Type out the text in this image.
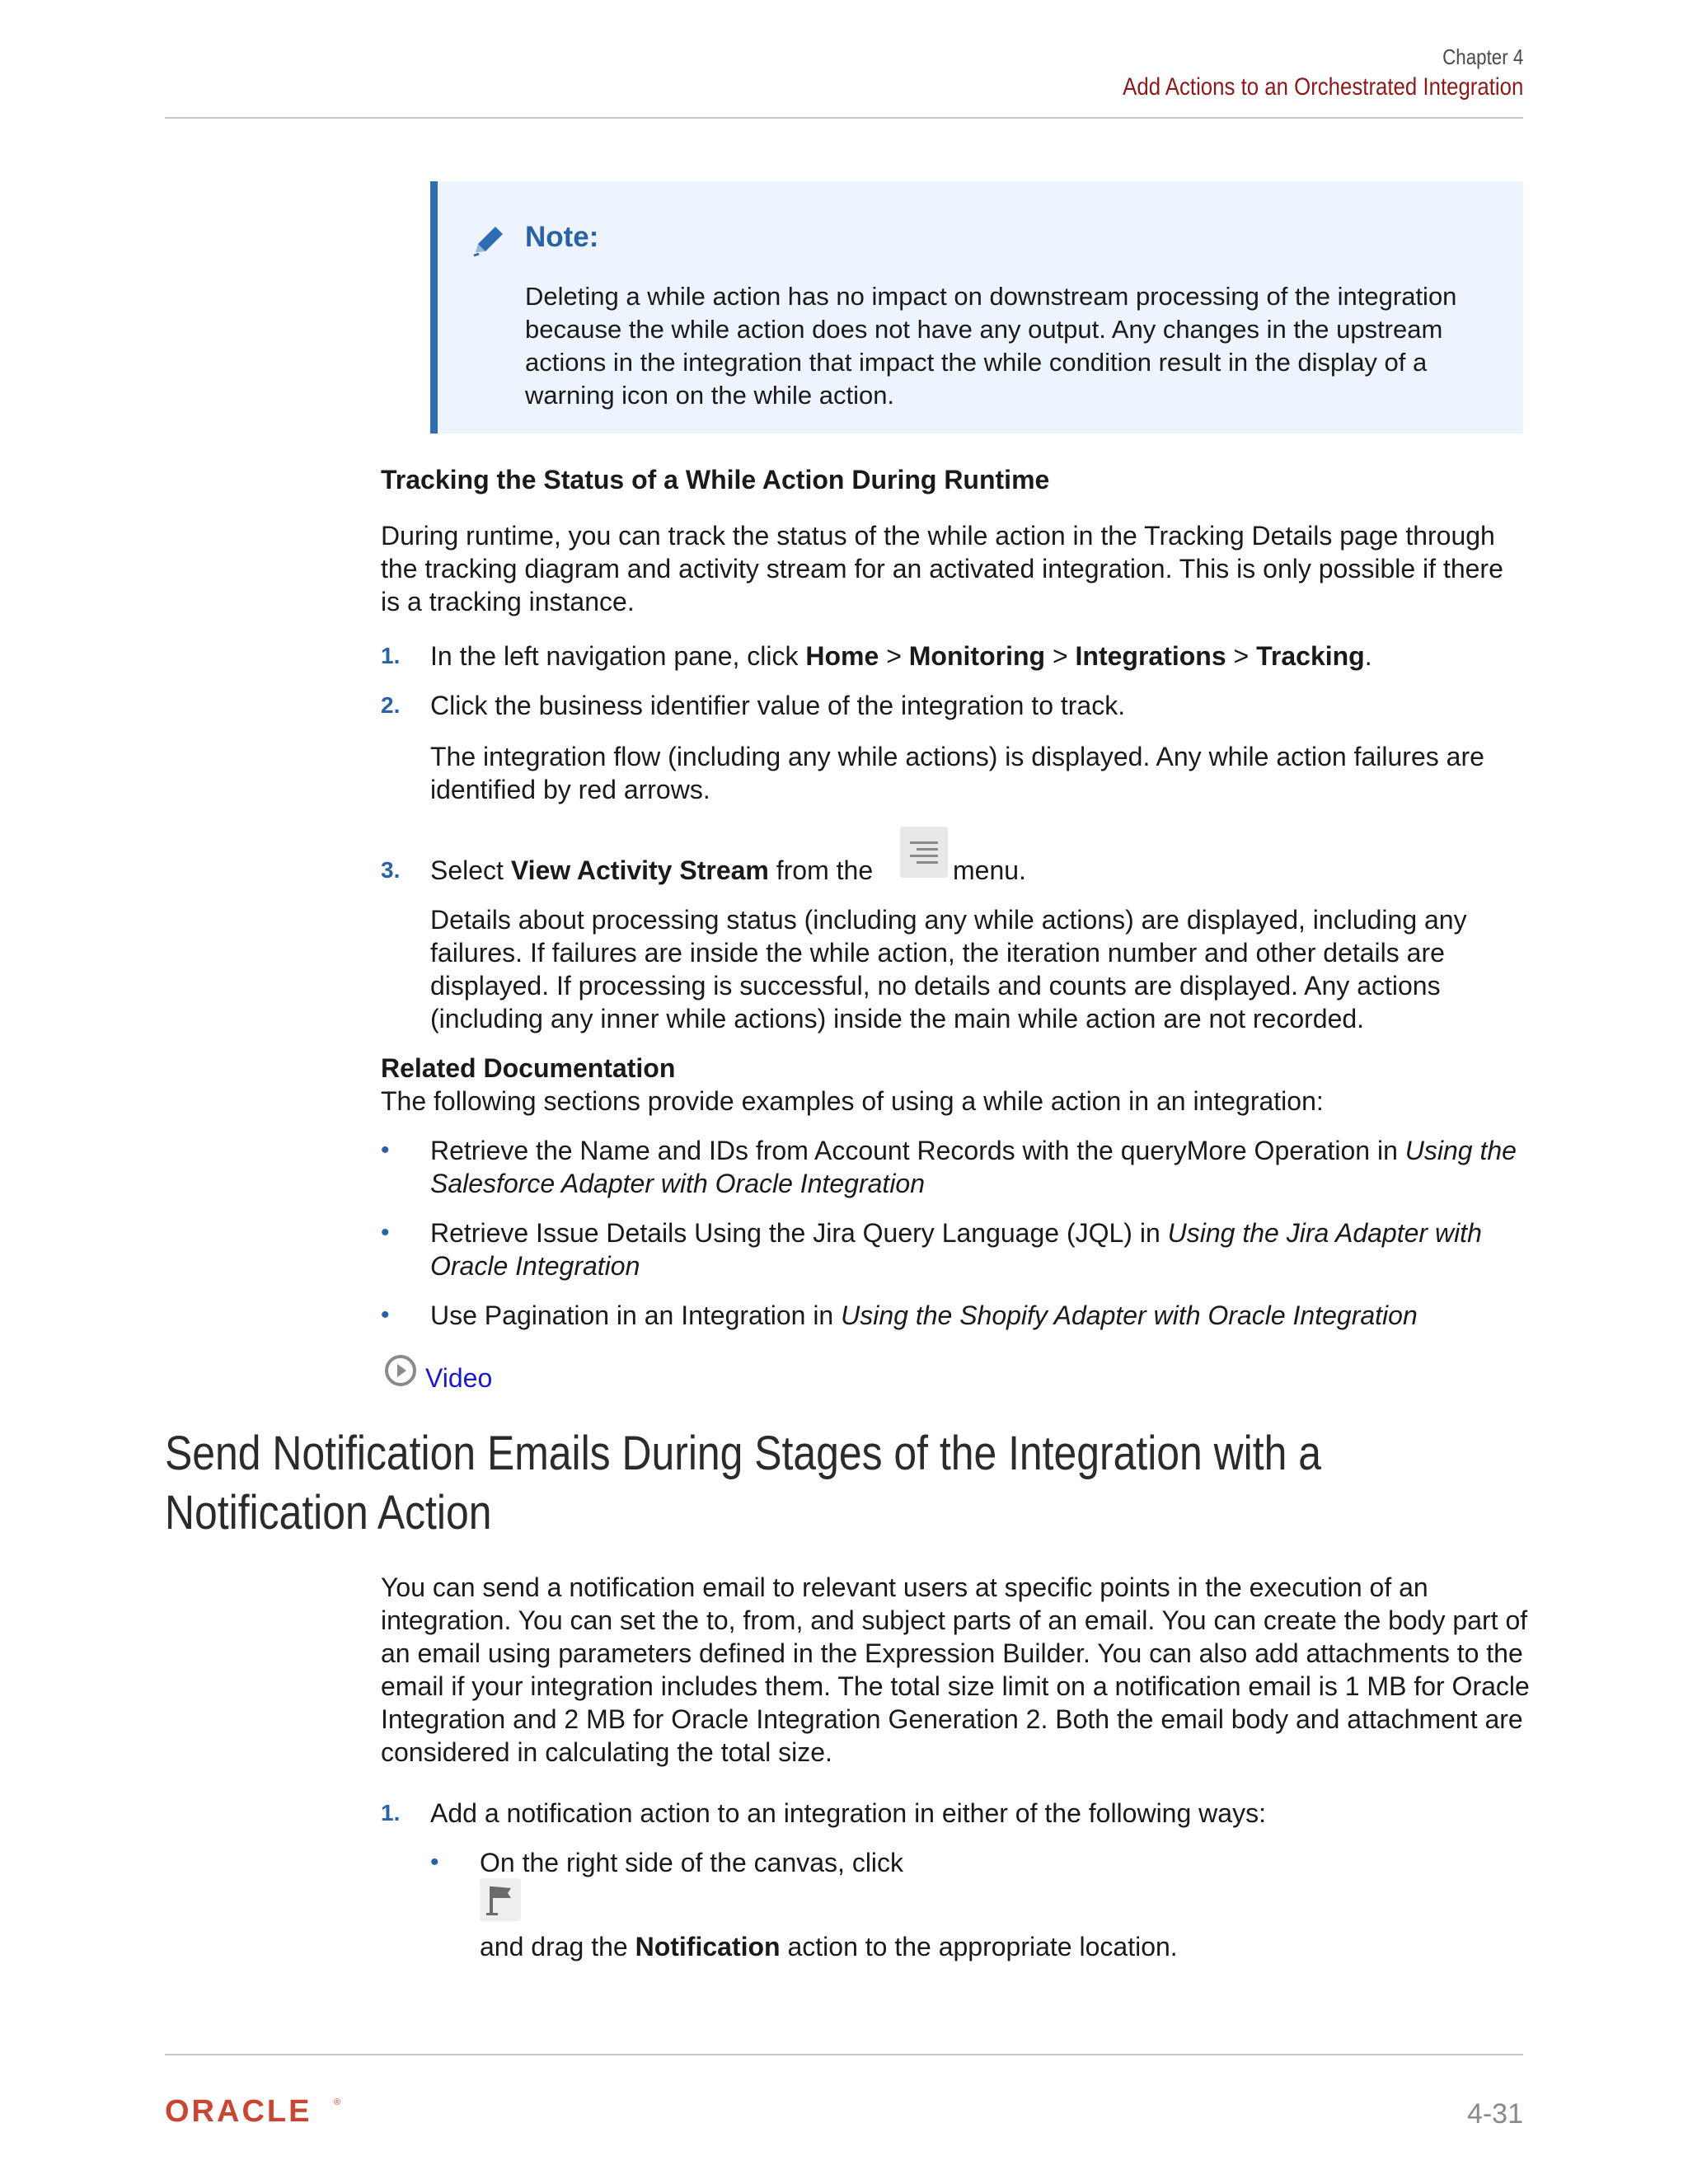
Chapter 4
Add Actions to an Orchestrated Integration
Note:
Deleting a while action has no impact on downstream processing of the integration because the while action does not have any output. Any changes in the upstream actions in the integration that impact the while condition result in the display of a warning icon on the while action.
Tracking the Status of a While Action During Runtime
During runtime, you can track the status of the while action in the Tracking Details page through the tracking diagram and activity stream for an activated integration. This is only possible if there is a tracking instance.
1. In the left navigation pane, click Home > Monitoring > Integrations > Tracking.
2. Click the business identifier value of the integration to track.
The integration flow (including any while actions) is displayed. Any while action failures are identified by red arrows.
3. Select View Activity Stream from the	menu.
Details about processing status (including any while actions) are displayed, including any failures. If failures are inside the while action, the iteration number and other details are displayed. If processing is successful, no details and counts are displayed. Any actions (including any inner while actions) inside the main while action are not recorded.
Related Documentation
The following sections provide examples of using a while action in an integration:
• Retrieve the Name and IDs from Account Records with the queryMore Operation in Using the Salesforce Adapter with Oracle Integration
• Retrieve Issue Details Using the Jira Query Language (JQL) in Using the Jira Adapter with Oracle Integration
• Use Pagination in an Integration in Using the Shopify Adapter with Oracle Integration
Video
Send Notification Emails During Stages of the Integration with a
Notification Action
You can send a notification email to relevant users at specific points in the execution of an integration. You can set the to, from, and subject parts of an email. You can create the body part of an email using parameters defined in the Expression Builder. You can also add attachments to the email if your integration includes them. The total size limit on a notification email is 1 MB for Oracle Integration and 2 MB for Oracle Integration Generation 2. Both the email body and attachment are considered in calculating the total size.
1. Add a notification action to an integration in either of the following ways:
• On the right side of the canvas, click
and drag the Notification action to the appropriate location.
ORACLE ®	4-31
